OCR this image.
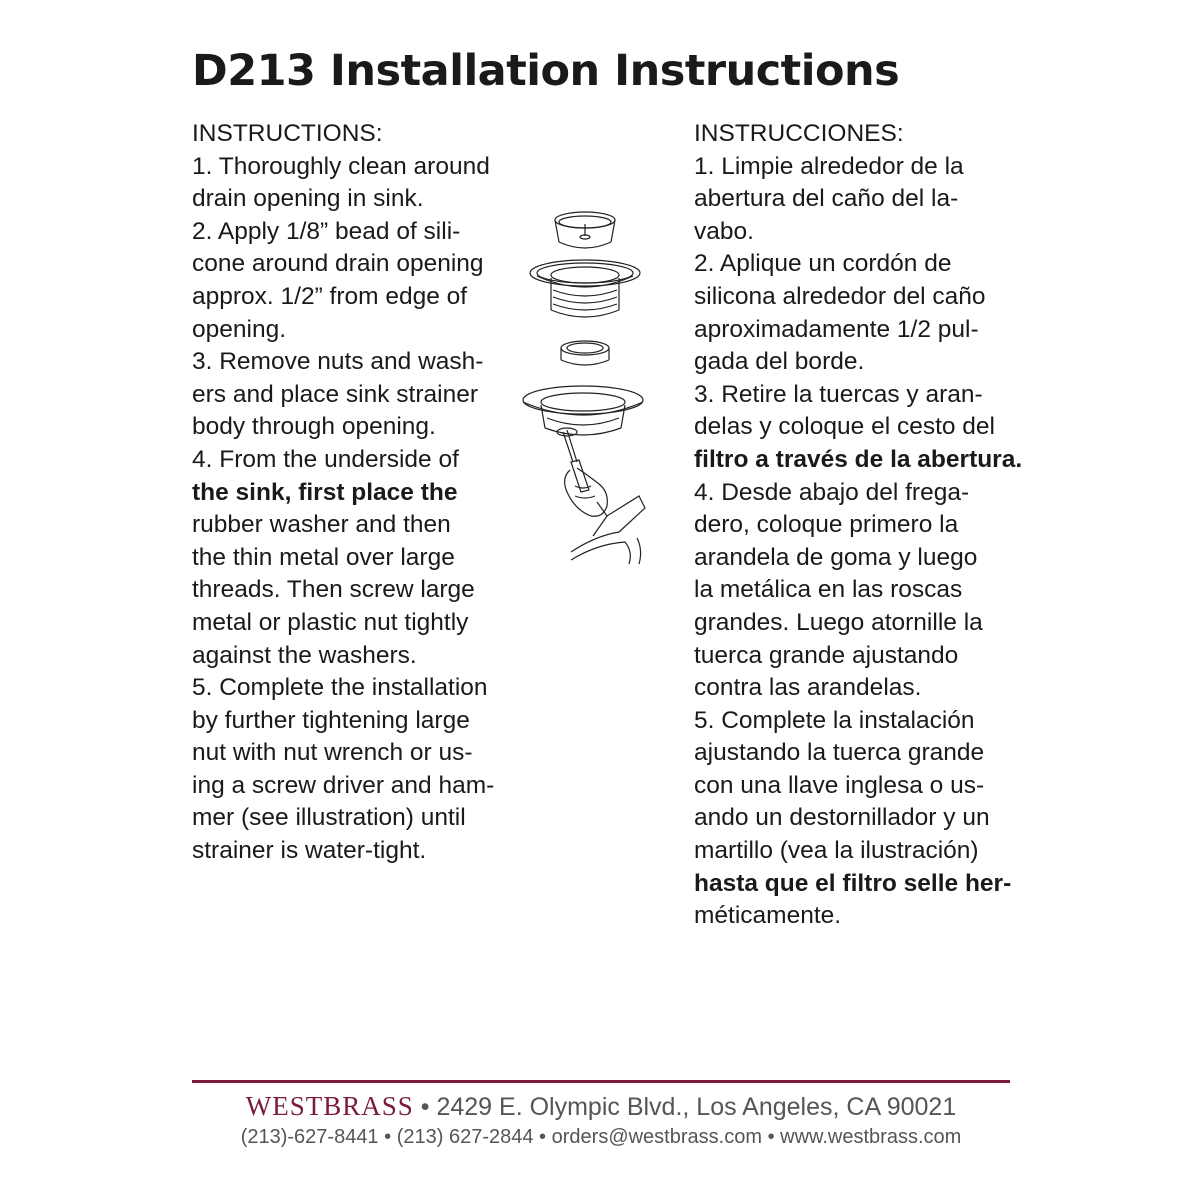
D213 Installation Instructions
INSTRUCTIONS:
1. Thoroughly clean around
drain opening in sink.
2. Apply 1/8” bead of sili-
cone around drain opening
approx. 1/2” from edge of
opening.
3. Remove nuts and wash-
ers and place sink strainer
body through opening.
4. From the underside of
the sink, first place the
rubber washer and then
the thin metal over large
threads. Then screw large
metal or plastic nut tightly
against the washers.
5. Complete the installation
by further tightening large
nut with nut wrench or us-
ing a screw driver and ham-
mer (see illustration) until
strainer is water-tight.
INSTRUCCIONES:
1. Limpie alrededor de la
abertura del caño del la-
vabo.
2. Aplique un cordón de
silicona alrededor del caño
aproximadamente 1/2 pul-
gada del borde.
3. Retire la tuercas y aran-
delas y coloque el cesto del
filtro a través de la abertura.
4. Desde abajo del frega-
dero, coloque primero la
arandela de goma y luego
la metálica en las roscas
grandes. Luego atornille la
tuerca grande ajustando
contra las arandelas.
5. Complete la instalación
ajustando la tuerca grande
con una llave inglesa o us-
ando un destornillador y un
martillo (vea la ilustración)
hasta que el filtro selle her-
méticamente.
WESTBRASS • 2429 E. Olympic Blvd., Los Angeles, CA 90021
(213)-627-8441 • (213) 627-2844 • orders@westbrass.com • www.westbrass.com
